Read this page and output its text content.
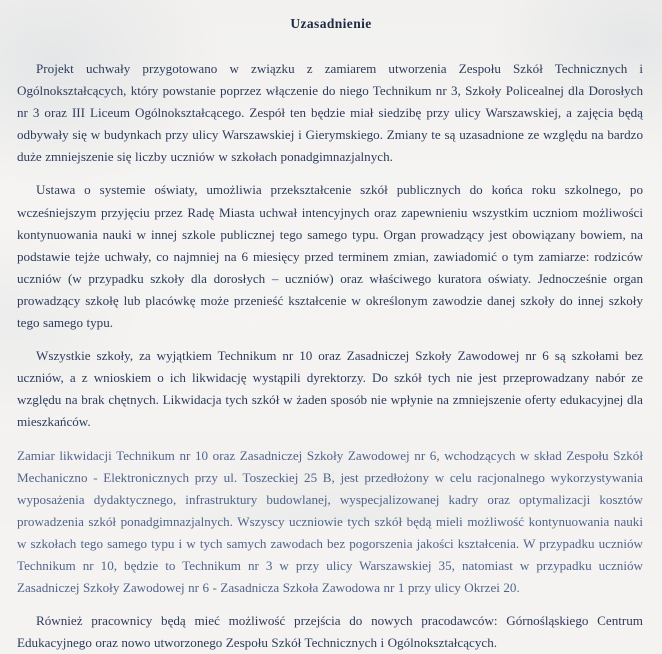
Uzasadnienie

Projekt uchwały przygotowano w związku z zamiarem utworzenia Zespołu Szkół Technicznych i Ogólnokształcących, który powstanie poprzez włączenie do niego Technikum nr 3, Szkoły Policealnej dla Dorosłych nr 3 oraz III Liceum Ogólnokształcącego. Zespół ten będzie miał siedzibę przy ulicy Warszawskiej, a zajęcia będą odbywały się w budynkach przy ulicy Warszawskiej i Gierymskiego. Zmiany te są uzasadnione ze względu na bardzo duże zmniejszenie się liczby uczniów w szkołach ponadgimnazjalnych.

Ustawa o systemie oświaty, umożliwia przekształcenie szkół publicznych do końca roku szkolnego, po wcześniejszym przyjęciu przez Radę Miasta uchwał intencyjnych oraz zapewnieniu wszystkim uczniom możliwości kontynuowania nauki w innej szkole publicznej tego samego typu. Organ prowadzący jest obowiązany bowiem, na podstawie tejże uchwały, co najmniej na 6 miesięcy przed terminem zmian, zawiadomić o tym zamiarze: rodziców uczniów (w przypadku szkoły dla dorosłych – uczniów) oraz właściwego kuratora oświaty. Jednocześnie organ prowadzący szkołę lub placówkę może przenieść kształcenie w określonym zawodzie danej szkoły do innej szkoły tego samego typu.

Wszystkie szkoły, za wyjątkiem Technikum nr 10 oraz Zasadniczej Szkoły Zawodowej nr 6 są szkołami bez uczniów, a z wnioskiem o ich likwidację wystąpili dyrektorzy. Do szkół tych nie jest przeprowadzany nabór ze względu na brak chętnych. Likwidacja tych szkół w żaden sposób nie wpłynie na zmniejszenie oferty edukacyjnej dla mieszkańców.

Zamiar likwidacji Technikum nr 10 oraz Zasadniczej Szkoły Zawodowej nr 6, wchodzących w skład Zespołu Szkół Mechaniczno - Elektronicznych przy ul. Toszeckiej 25 B, jest przedłożony w celu racjonalnego wykorzystywania wyposażenia dydaktycznego, infrastruktury budowlanej, wyspecjalizowanej kadry oraz optymalizacji kosztów prowadzenia szkół ponadgimnazjalnych. Wszyscy uczniowie tych szkół będą mieli możliwość kontynuowania nauki w szkołach tego samego typu i w tych samych zawodach bez pogorszenia jakości kształcenia. W przypadku uczniów Technikum nr 10, będzie to Technikum nr 3 w przy ulicy Warszawskiej 35, natomiast w przypadku uczniów Zasadniczej Szkoły Zawodowej nr 6 - Zasadnicza Szkoła Zawodowa nr 1 przy ulicy Okrzei 20.

Również pracownicy będą mieć możliwość przejścia do nowych pracodawców: Górnośląskiego Centrum Edukacyjnego oraz nowo utworzonego Zespołu Szkół Technicznych i Ogólnokształcących.
